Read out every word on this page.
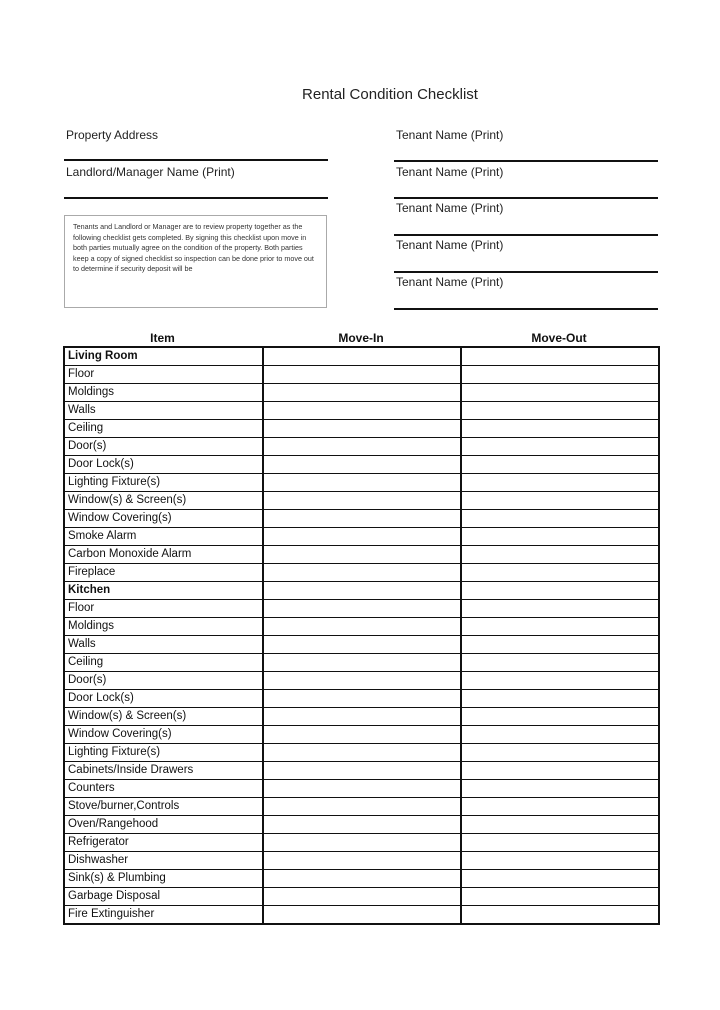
Rental Condition Checklist
Property Address
Landlord/Manager Name (Print)
Tenants and Landlord or Manager are to review property together as the following checklist gets completed. By signing this checklist upon move in both parties mutually agree on the condition of the property. Both parties keep a copy of signed checklist so inspection can be done prior to move out to determine if security deposit will be
Tenant Name (Print)
Tenant Name (Print)
Tenant Name (Print)
Tenant Name (Print)
Tenant Name (Print)
Item	Move-In	Move-Out
Living Room		
Floor		
Moldings		
Walls		
Ceiling		
Door(s)		
Door Lock(s)		
Lighting Fixture(s)		
Window(s) & Screen(s)		
Window Covering(s)		
Smoke Alarm		
Carbon Monoxide Alarm		
Fireplace		
Kitchen		
Floor		
Moldings		
Walls		
Ceiling		
Door(s)		
Door Lock(s)		
Window(s) & Screen(s)		
Window Covering(s)		
Lighting Fixture(s)		
Cabinets/Inside Drawers		
Counters		
Stove/burner,Controls		
Oven/Rangehood		
Refrigerator		
Dishwasher		
Sink(s) & Plumbing		
Garbage Disposal		
Fire Extinguisher		
